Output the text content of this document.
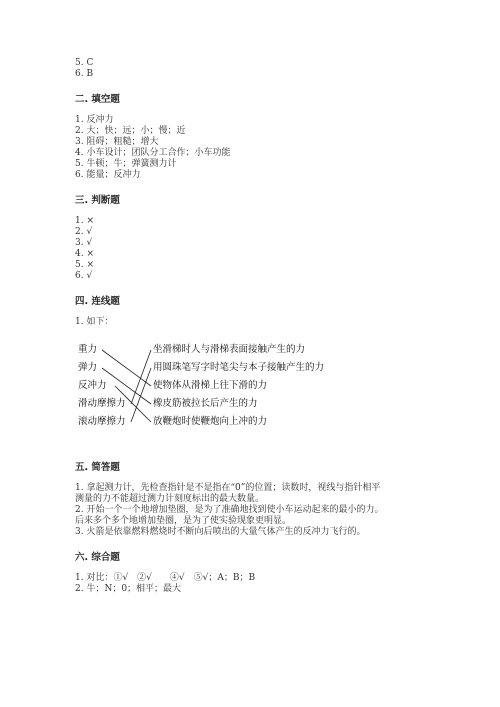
5. C

6. B

二. 填空题

1. 反冲力

2. 大；快；远；小；慢；近

3. 阻碍；粗糙；增大

4. 小车设计；团队分工合作；小车功能

5. 牛顿；牛；弹簧测力计

6. 能量；反冲力

三. 判断题

1. ×

2. √

3. √

4. ×

5. ×

6. √

四. 连线题

1. 如下：

重力
弹力
反冲力
滑动摩擦力
滚动摩擦力
坐滑梯时人与滑梯表面接触产生的力
用圆珠笔写字时笔尖与本子接触产生的力
使物体从滑梯上往下滑的力
橡皮筋被拉长后产生的力
放鞭炮时使鞭炮向上冲的力

五. 简答题

1. 拿起测力计，先检查指针是不是指在“0”的位置；读数时，视线与指针相平

测量的力不能超过测力计刻度标出的最大数量。

2. 开始一个一个地增加垫圈，是为了准确地找到使小车运动起来的最小的力。

后来多个多个地增加垫圈，是为了使实验现象更明显。

3. 火箭是依靠燃料燃烧时不断向后喷出的大量气体产生的反冲力飞行的。

六. 综合题

1. 对比：①√　②√　　④√　⑤√；A；B；B

2. 牛；N；0；相平；最大
